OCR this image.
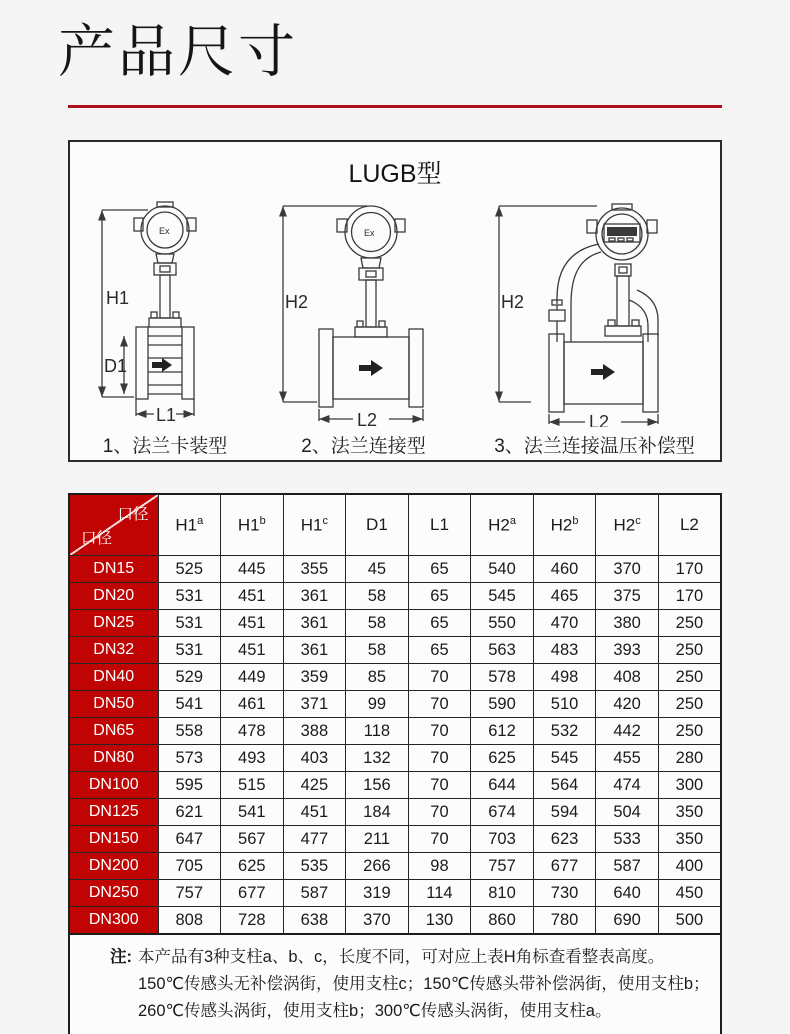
产品尺寸
LUGB型
H1
Ex
D1
L1
1、法兰卡装型
H2
Ex
L2
2、法兰连接型
H2
L2
3、法兰连接温压补偿型
口径
口径	H1$^a$	H1$^b$	H1$^c$	D1	L1	H2$^a$	H2$^b$	H2$^c$	L2
DN15	525	445	355	45	65	540	460	370	170
DN20	531	451	361	58	65	545	465	375	170
DN25	531	451	361	58	65	550	470	380	250
DN32	531	451	361	58	65	563	483	393	250
DN40	529	449	359	85	70	578	498	408	250
DN50	541	461	371	99	70	590	510	420	250
DN65	558	478	388	118	70	612	532	442	250
DN80	573	493	403	132	70	625	545	455	280
DN100	595	515	425	156	70	644	564	474	300
DN125	621	541	451	184	70	674	594	504	350
DN150	647	567	477	211	70	703	623	533	350
DN200	705	625	535	266	98	757	677	587	400
DN250	757	677	587	319	114	810	730	640	450
DN300	808	728	638	370	130	860	780	690	500
注: 本产品有3种支柱a、b、c，长度不同，可对应上表H角标查看整表高度。
150℃传感头无补偿涡街，使用支柱c；150℃传感头带补偿涡街，使用支柱b；
260℃传感头涡街，使用支柱b；300℃传感头涡街，使用支柱a。
